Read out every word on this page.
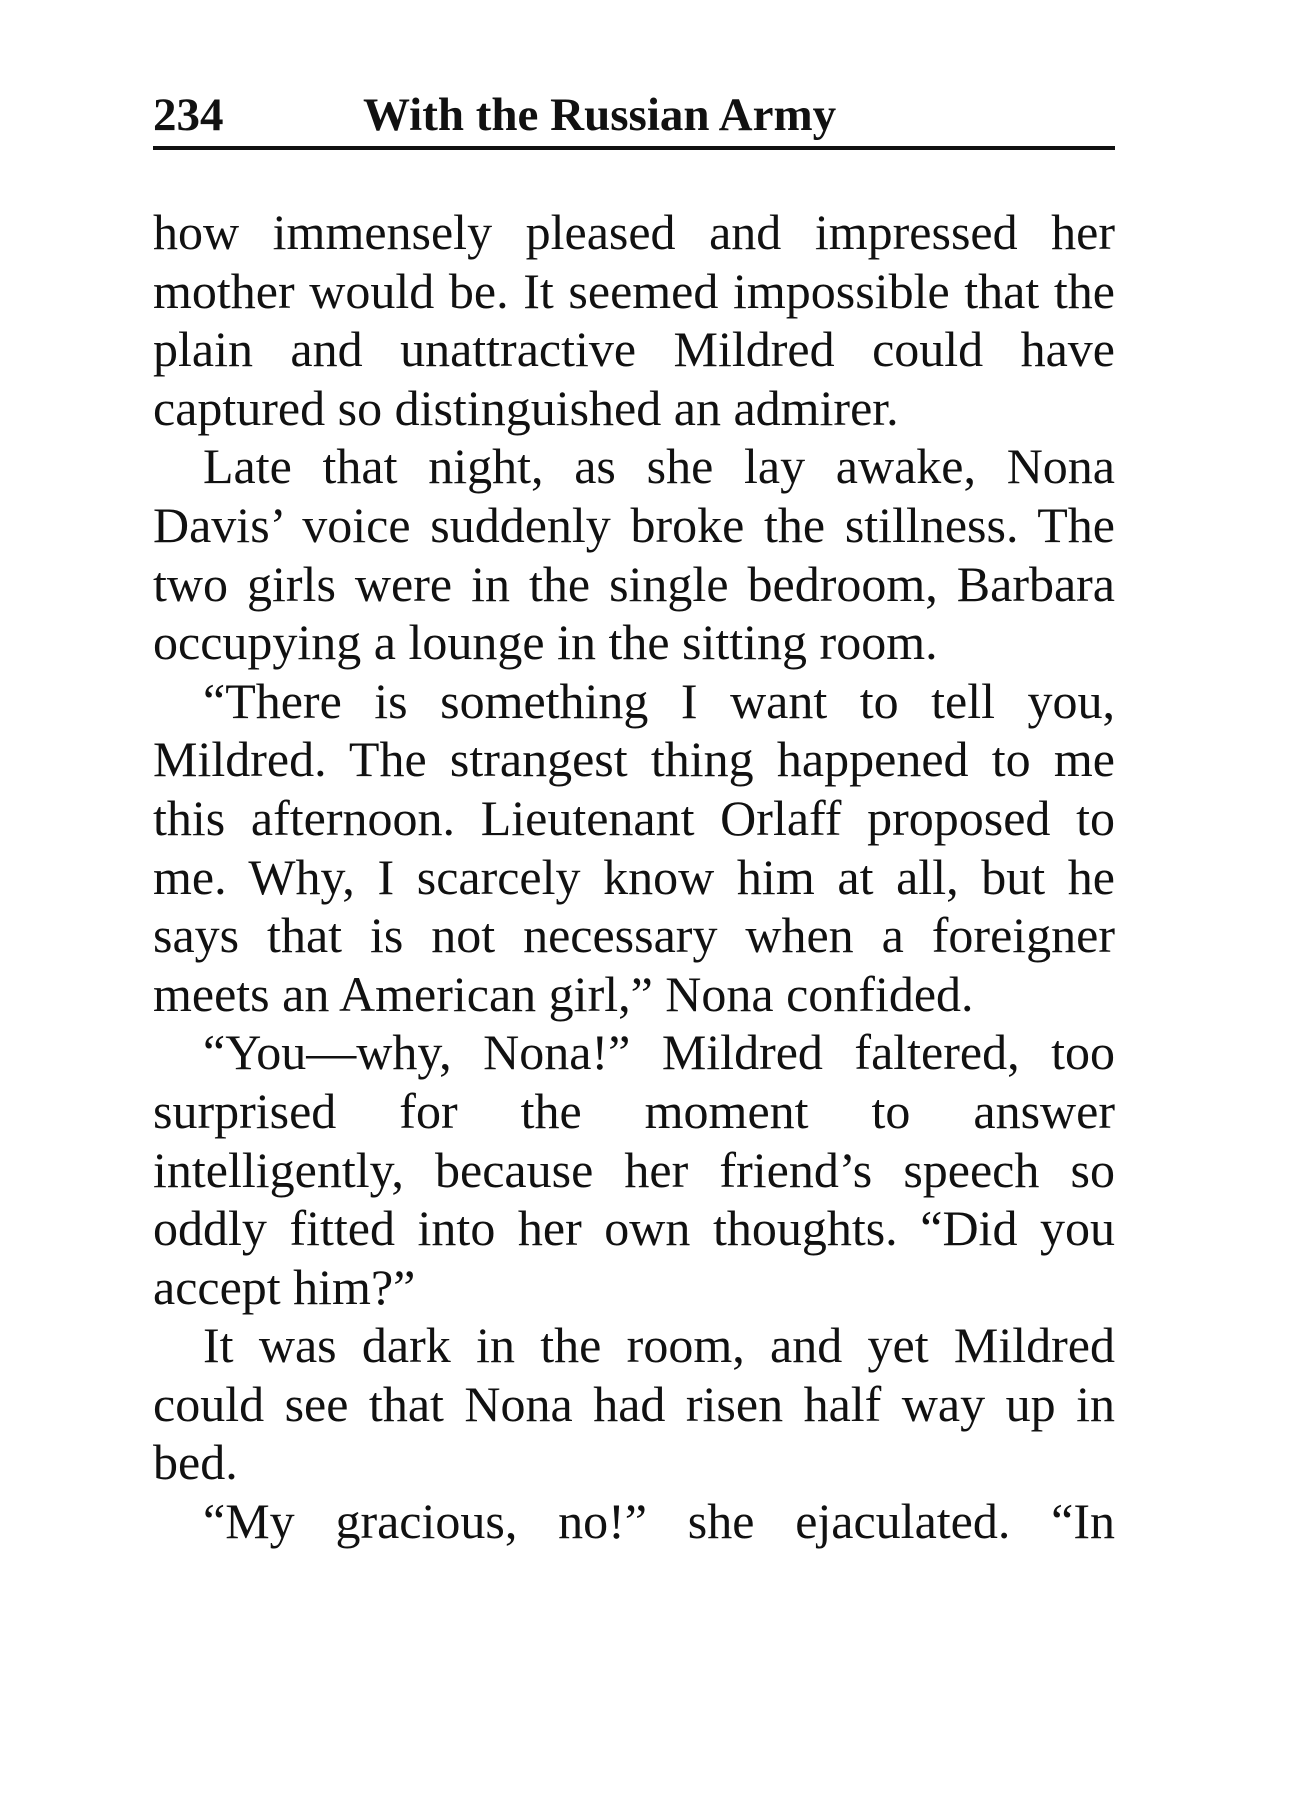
234	With the Russian Army

how immensely pleased and impressed her mother would be. It seemed impossible that the plain and unattractive Mildred could have captured so distinguished an admirer.

Late that night, as she lay awake, Nona Davis’ voice suddenly broke the stillness. The two girls were in the single bedroom, Barbara occupying a lounge in the sitting room.

“There is something I want to tell you, Mildred. The strangest thing happened to me this afternoon. Lieutenant Orlaff proposed to me. Why, I scarcely know him at all, but he says that is not necessary when a foreigner meets an American girl,” Nona confided.

“You—why, Nona!” Mildred faltered, too surprised for the moment to answer intelligently, because her friend’s speech so oddly fitted into her own thoughts. “Did you accept him?”

It was dark in the room, and yet Mildred could see that Nona had risen half way up in bed.

“My gracious, no!” she ejaculated. “In
